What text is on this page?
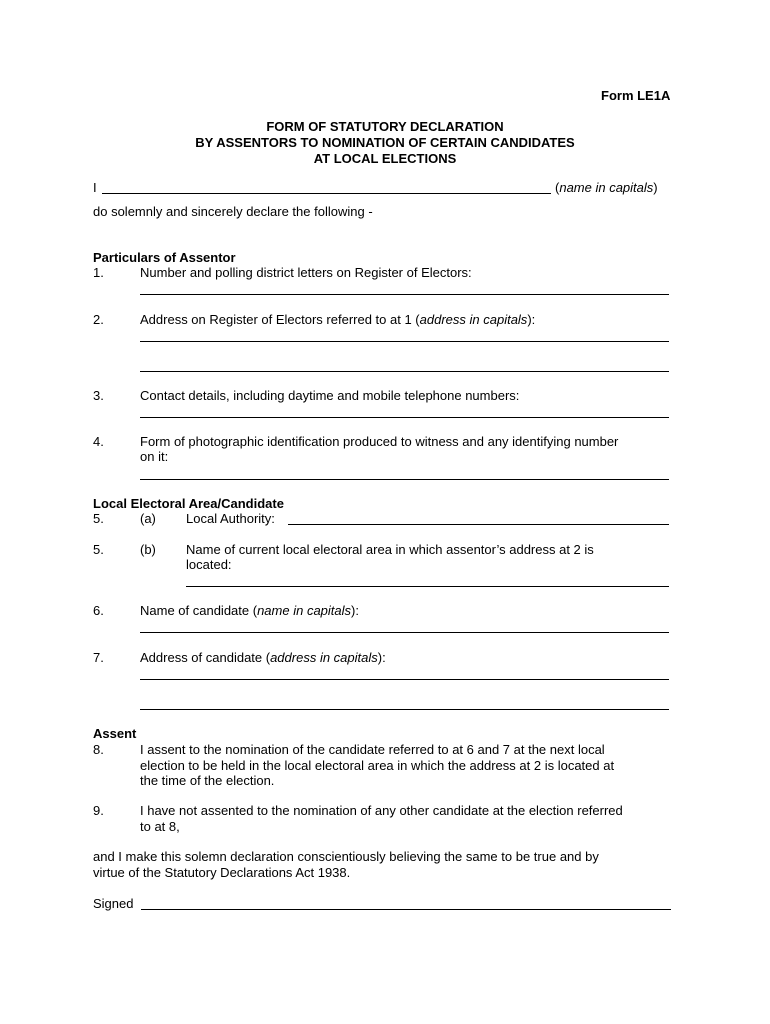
Form LE1A
FORM OF STATUTORY DECLARATION
BY ASSENTORS TO NOMINATION OF CERTAIN CANDIDATES
AT LOCAL ELECTIONS
I	(name in capitals)
do solemnly and sincerely declare the following -
Particulars of Assentor
1.	Number and polling district letters on Register of Electors:
2.	Address on Register of Electors referred to at 1 (address in capitals):
3.	Contact details, including daytime and mobile telephone numbers:
4.	Form of photographic identification produced to witness and any identifying number
on it:
Local Electoral Area/Candidate
5.	(a) Local Authority:
5.	(b) Name of current local electoral area in which assentor’s address at 2 is
located:
6.	Name of candidate (name in capitals):
7.	Address of candidate (address in capitals):
Assent
8.	I assent to the nomination of the candidate referred to at 6 and 7 at the next local
election to be held in the local electoral area in which the address at 2 is located at
the time of the election.
9.	I have not assented to the nomination of any other candidate at the election referred
to at 8,
and I make this solemn declaration conscientiously believing the same to be true and by
virtue of the Statutory Declarations Act 1938.
Signed
